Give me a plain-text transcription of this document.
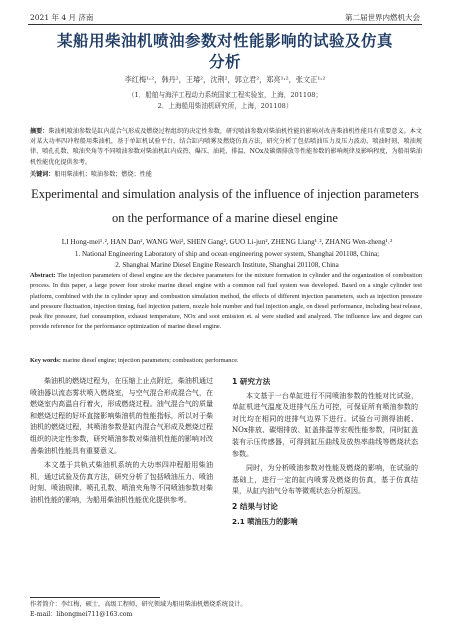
2021 年 4 月 济南	第二届世界内燃机大会
某船用柴油机喷油参数对性能影响的试验及仿真
分析
李红梅¹˒²，韩丹²，王璿²，沈荆²，郭立君²，郑亮¹˒²，张文正¹˒²
（1．船舶与海洋工程动力系统国家工程实验室，上海，201108；
2．上海船用柴油机研究所，上海，201108）
摘要：柴油机喷油参数是缸内混合气形成及燃烧过程组织的决定性参数，研究喷油参数对柴油机性能的影响对改善柴油机性能具有重要意义。本文对某大功率四冲程船用柴油机，基于单缸机试验平台，结合缸内喷雾及燃烧仿真方法，研究分析了包括喷油压力及压力波动、喷油时刻、喷油规律、喷孔孔数、喷油夹角等不同喷油参数对柴油机缸内成热、爆压、油耗、排温、NOx及碳烟排放等性能参数的影响规律及影响程度，为船用柴油机性能优化提供参考。
关键词：船用柴油机；喷油参数；燃烧；性能
Experimental and simulation analysis of the influence of injection parameters
on the performance of a marine diesel engine
LI Hong-mei¹˒², HAN Dan², WANG Wei², SHEN Gang², GUO Li-jun², ZHENG Liang¹˒², ZHANG Wen-zheng¹˒²
1. National Engineering Laboratory of ship and ocean engineering power system, Shanghai 201108, China;
2. Shanghai Marine Diesel Engine Research Institute, Shanghai 201108, China
Abstract: The injection parameters of diesel engine are the decisive parameters for the mixture formation in cylinder and the organization of combustion process. In this paper, a large power four stroke marine diesel engine with a common rail fuel system was developed. Based on a single cylinder test platform, combined with the in cylinder spray and combustion simulation method, the effects of different injection parameters, such as injection pressure and pressure fluctuation, injection timing, fuel injection pattern, nozzle hole number and fuel injection angle, on diesel performance, including heat release, peak fire pressure, fuel consumption, exhaust temperature, NOx and soot emission et. al were studied and analyzed. The influence law and degree can provide reference for the performance optimization of marine diesel engine.
Key words: marine diesel engine; injection parameters; combustion; performance.

柴油机的燃烧过程为，在压缩上止点附近，柴油机通过喷油器以流态雾状喷入燃烧室，与空气混合形成混合气，在燃烧室内高温自行着火，形成燃烧过程。油气混合气的质量和燃烧过程的好坏直接影响柴油机的性能指标，所以对于柴油机的燃烧过程，其喷油参数是缸内混合气形成及燃烧过程组织的决定性参数，研究喷油参数对柴油机性能的影响对改善柴油机性能具有重要意义。

本文基于共轨式柴油机系统的大功率四冲程船用柴油机，通过试验及仿真方法，研究分析了包括喷油压力、喷油时刻、喷油规律、喷孔孔数、喷油夹角等不同喷油参数对柴油机性能的影响，为船用柴油机性能优化提供参考。

1 研究方法

本文基于一台单缸进行不同喷油参数的性能对比试验，单缸机进气温度及进排气压力可控，可保证所有喷油参数的对比均在相同的进排气边界下进行。试验台可测得油耗、NOx排放、碳烟排放、缸盖排温等宏观性能参数，同时缸盖装有示压传感器，可得到缸压曲线及放热率曲线等燃烧状态参数。

同时，为分析喷油参数对性能及燃烧的影响，在试验的基础上，进行一定的缸内喷雾及燃烧的仿真，基于仿真结果，从缸内油气分布等微观状态分析原因。

2 结果与讨论

2.1 喷油压力的影响

作者简介：李红梅，硕士，高级工程师，研究领域为船用柴油机燃烧系统设计。
E-mail：lihongmei711@163.com
